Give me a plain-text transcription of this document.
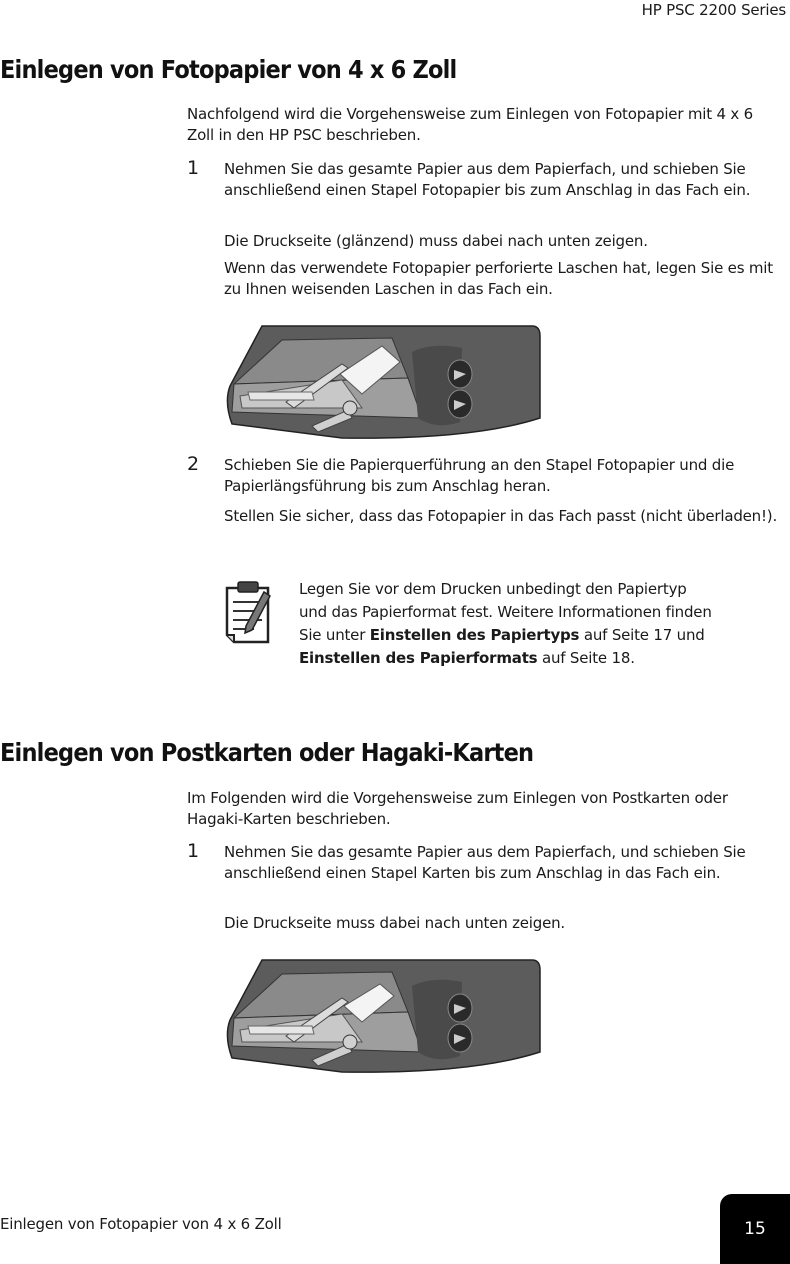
HP PSC 2200 Series
Einlegen von Fotopapier von 4 x 6 Zoll

Nachfolgend wird die Vorgehensweise zum Einlegen von Fotopapier mit 4 x 6 Zoll in den HP PSC beschrieben.

1 Nehmen Sie das gesamte Papier aus dem Papierfach, und schieben Sie anschließend einen Stapel Fotopapier bis zum Anschlag in das Fach ein.

Die Druckseite (glänzend) muss dabei nach unten zeigen.

Wenn das verwendete Fotopapier perforierte Laschen hat, legen Sie es mit zu Ihnen weisenden Laschen in das Fach ein.

2 Schieben Sie die Papierquerführung an den Stapel Fotopapier und die Papierlängsführung bis zum Anschlag heran.

Stellen Sie sicher, dass das Fotopapier in das Fach passt (nicht überladen!).

Legen Sie vor dem Drucken unbedingt den Papiertyp und das Papierformat fest. Weitere Informationen finden Sie unter Einstellen des Papiertyps auf Seite 17 und Einstellen des Papierformats auf Seite 18.

Einlegen von Postkarten oder Hagaki-Karten

Im Folgenden wird die Vorgehensweise zum Einlegen von Postkarten oder Hagaki-Karten beschrieben.

1 Nehmen Sie das gesamte Papier aus dem Papierfach, und schieben Sie anschließend einen Stapel Karten bis zum Anschlag in das Fach ein.

Die Druckseite muss dabei nach unten zeigen.

Einlegen von Fotopapier von 4 x 6 Zoll	15
